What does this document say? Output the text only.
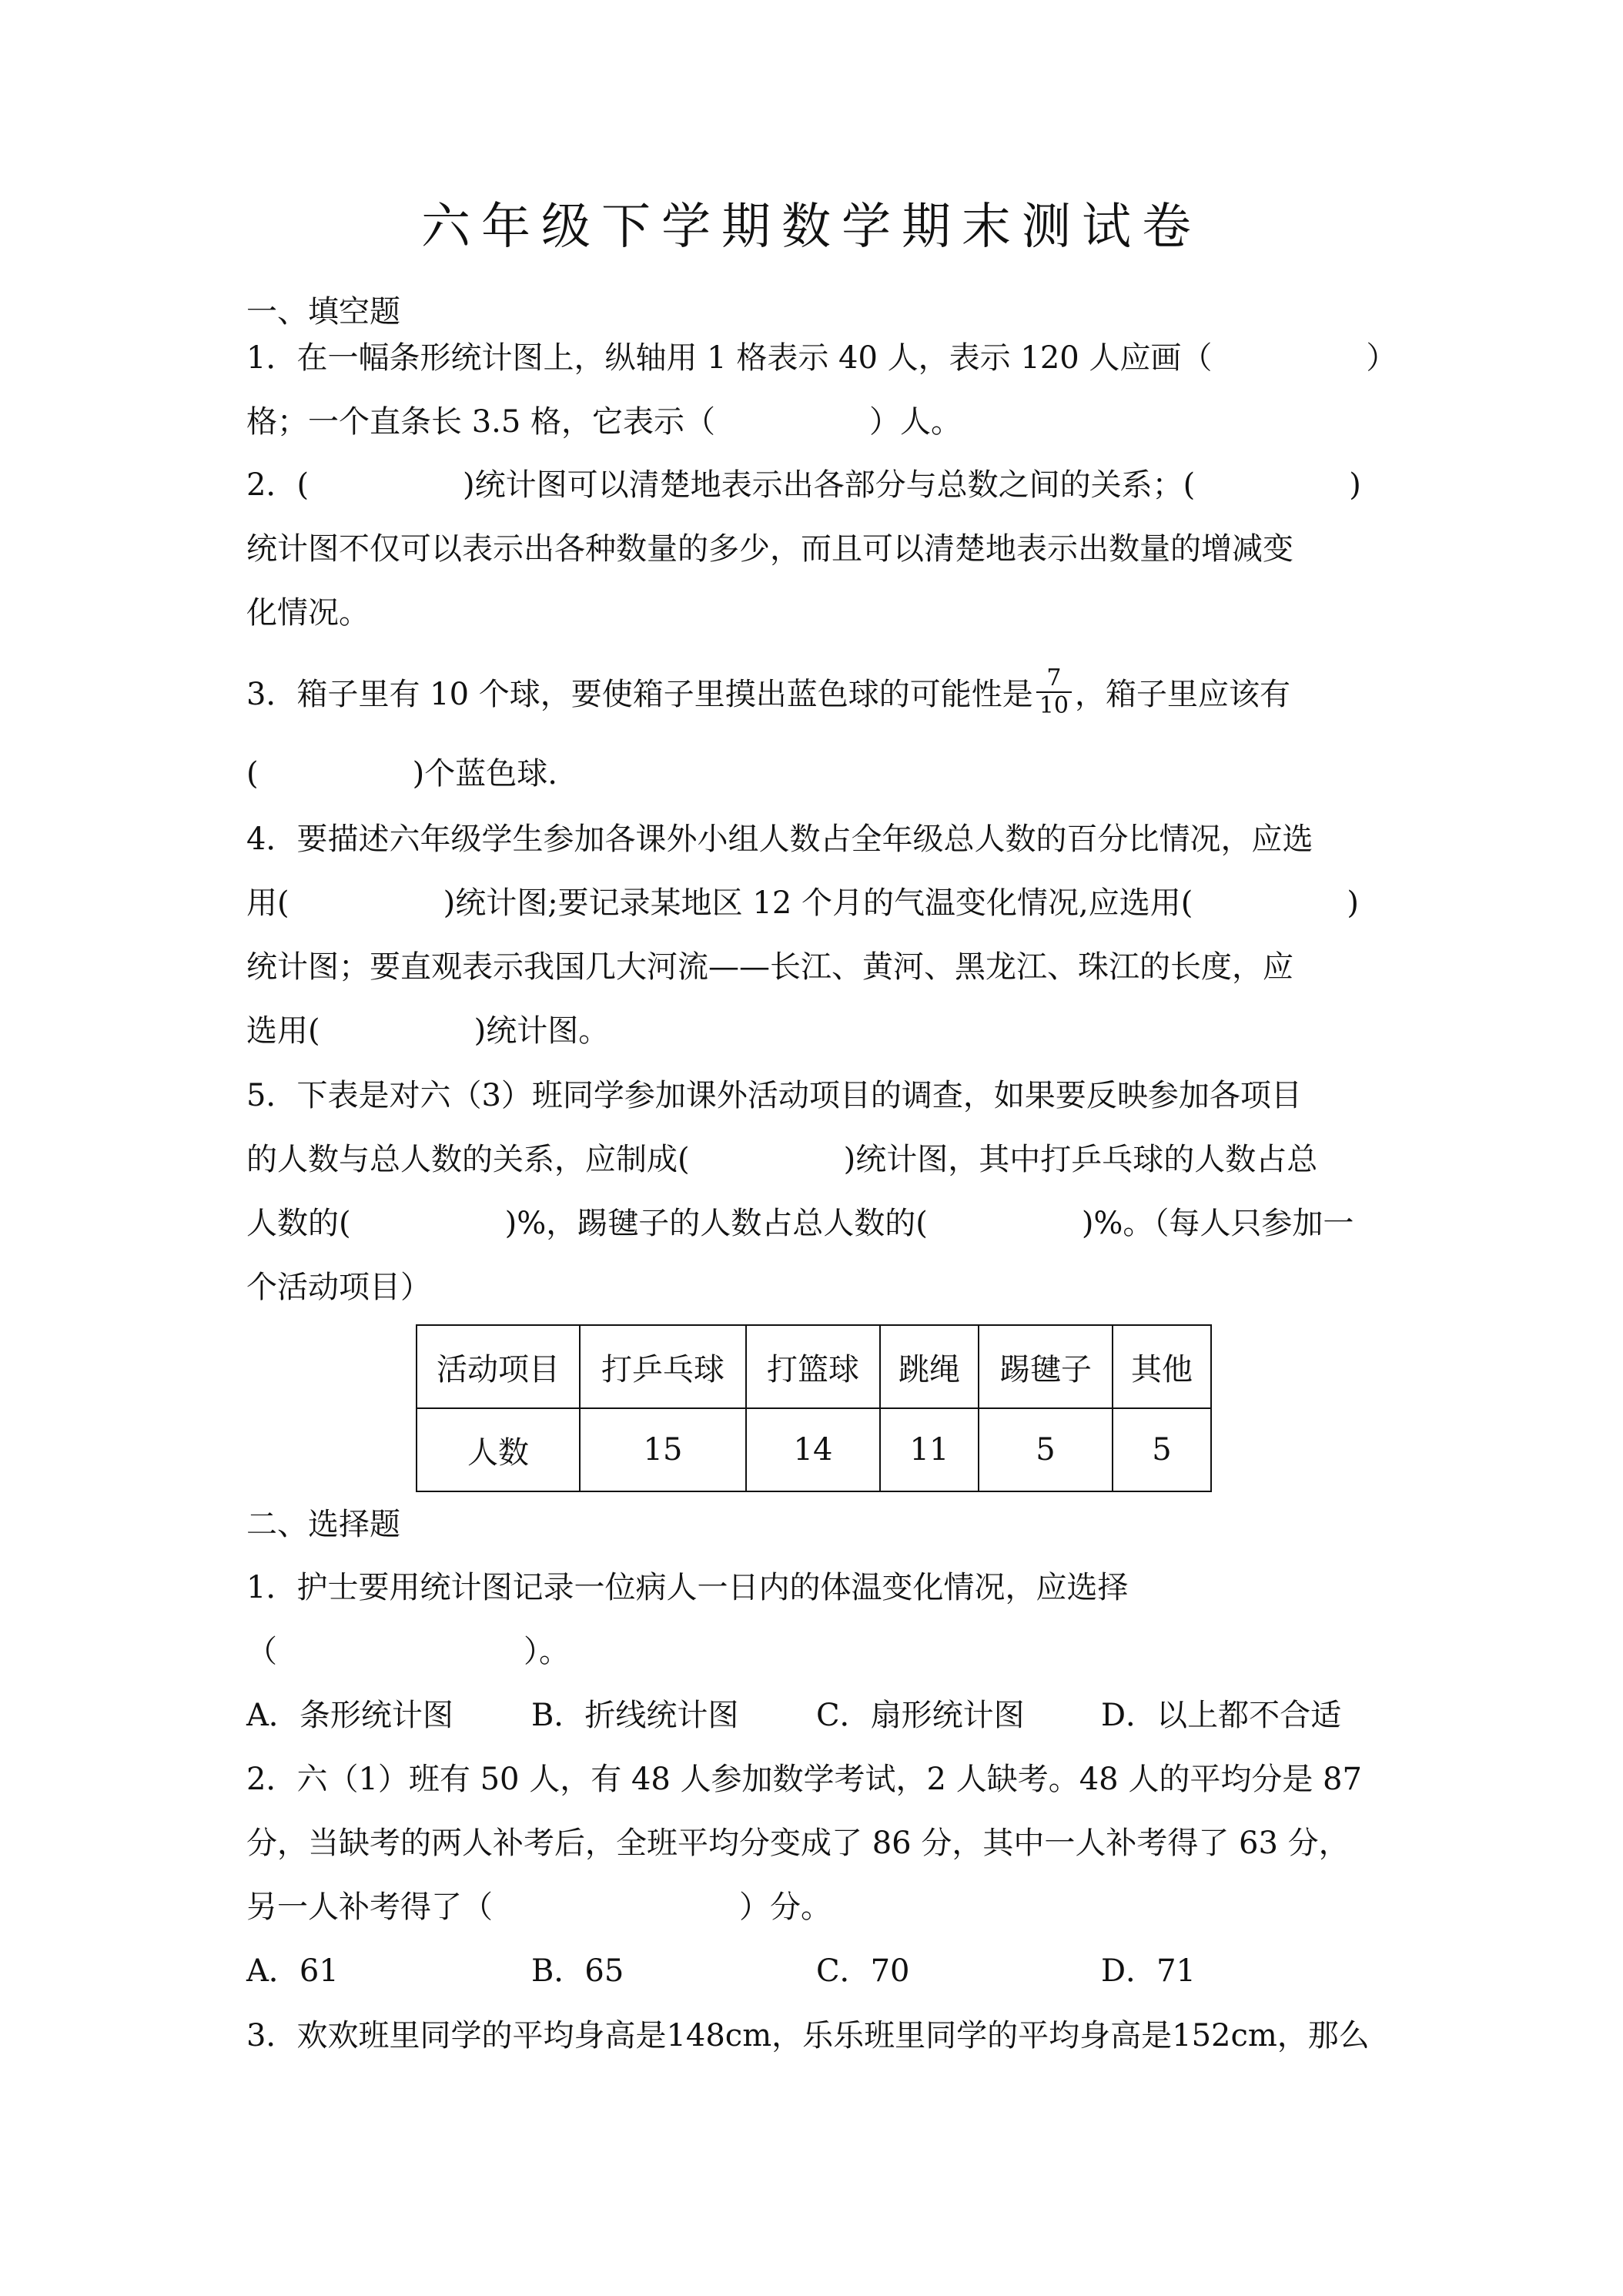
六年级下学期数学期末测试卷
一、填空题
1．在一幅条形统计图上，纵轴用 1 格表示 40 人，表示 120 人应画（　　　　　）
格；一个直条长 3.5 格，它表示（　　　　　）人。
2．(　　　　　)统计图可以清楚地表示出各部分与总数之间的关系；(　　　　　)
统计图不仅可以表示出各种数量的多少，而且可以清楚地表示出数量的增减变
化情况。
3．箱子里有 10 个球，要使箱子里摸出蓝色球的可能性是 $\frac{7}{10}$ ，箱子里应该有
(　　　　　)个蓝色球.
4．要描述六年级学生参加各课外小组人数占全年级总人数的百分比情况，应选
用(　　　　　)统计图;要记录某地区 12 个月的气温变化情况,应选用(　　　　　)
统计图；要直观表示我国几大河流——长江、黄河、黑龙江、珠江的长度，应
选用(　　　　　)统计图。
5．下表是对六（3）班同学参加课外活动项目的调查，如果要反映参加各项目
的人数与总人数的关系，应制成(　　　　　)统计图，其中打乒乓球的人数占总
人数的(　　　　　)%，踢毽子的人数占总人数的(　　　　　)%。（每人只参加一
个活动项目）
活动项目	打乒乓球	打篮球	跳绳	踢毽子	其他
人数	15	14	11	5	5
二、选择题
1．护士要用统计图记录一位病人一日内的体温变化情况，应选择
（　　　　　　　　）。
A．条形统计图	B．折线统计图	C．扇形统计图 D．以上都不合适
2．六（1）班有 50 人，有 48 人参加数学考试，2 人缺考。48 人的平均分是 87
分，当缺考的两人补考后，全班平均分变成了 86 分，其中一人补考得了 63 分，
另一人补考得了（　　　　　　　　）分。
A．61	B．65	C．70	D．71
3．欢欢班里同学的平均身高是148cm，乐乐班里同学的平均身高是152cm，那么
